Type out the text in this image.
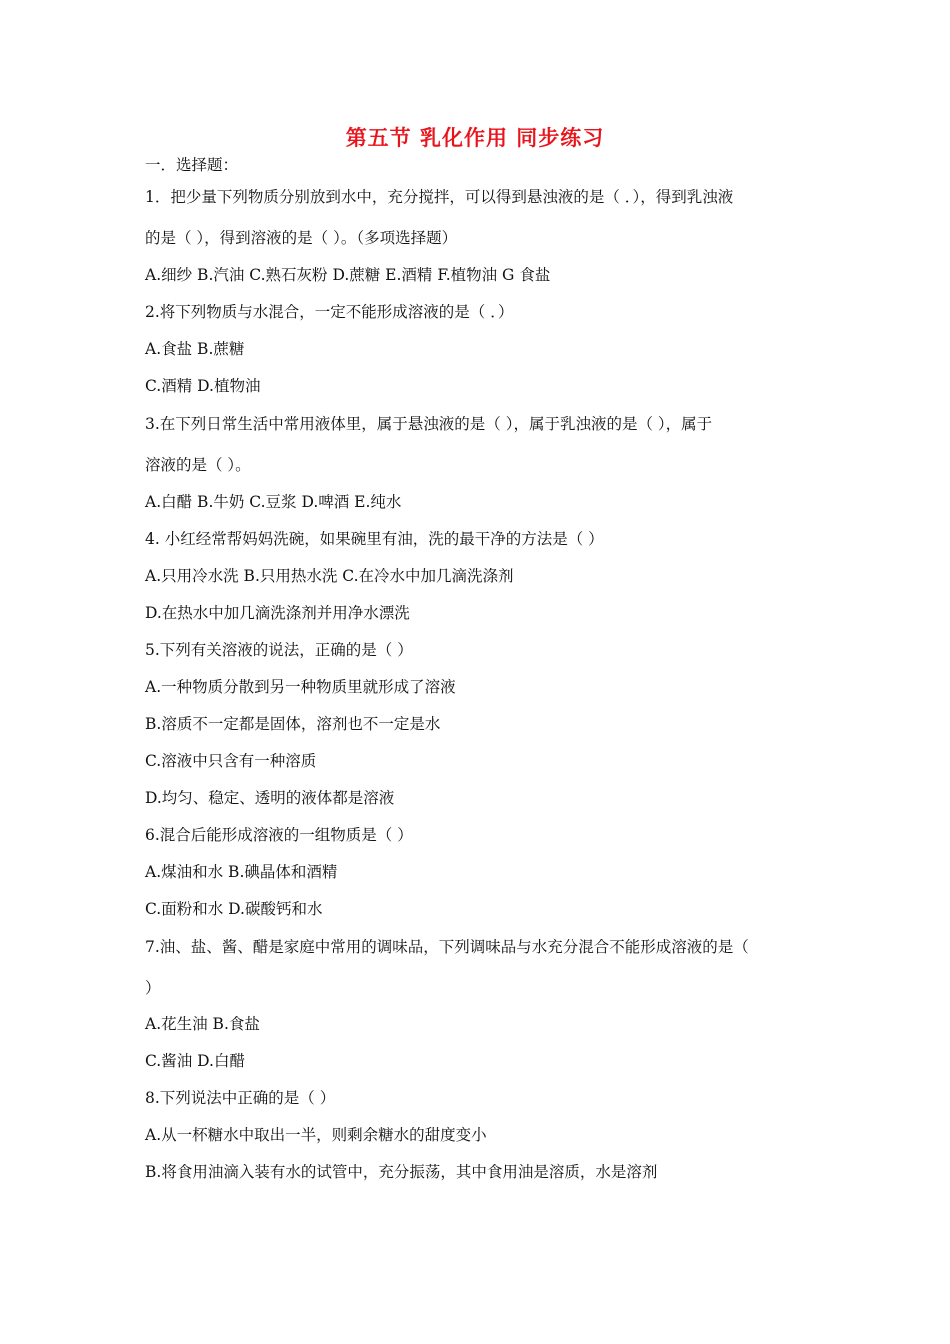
第五节 乳化作用 同步练习
一．选择题：
1．把少量下列物质分别放到水中，充分搅拌，可以得到悬浊液的是（ ．），得到乳浊液
的是（ ），得到溶液的是（ ）。（多项选择题）
A.细纱 B.汽油 C.熟石灰粉 D.蔗糖 E.酒精 F.植物油 G 食盐
2.将下列物质与水混合，一定不能形成溶液的是（ ．）
A.食盐 B.蔗糖
C.酒精 D.植物油
3.在下列日常生活中常用液体里，属于悬浊液的是（ ），属于乳浊液的是（ ），属于
溶液的是（ ）。
A.白醋 B.牛奶 C.豆浆 D.啤酒 E.纯水
4. 小红经常帮妈妈洗碗，如果碗里有油，洗的最干净的方法是（ ）
A.只用冷水洗 B.只用热水洗 C.在冷水中加几滴洗涤剂
D.在热水中加几滴洗涤剂并用净水漂洗
5.下列有关溶液的说法，正确的是（ ）
A.一种物质分散到另一种物质里就形成了溶液
B.溶质不一定都是固体，溶剂也不一定是水
C.溶液中只含有一种溶质
D.均匀、稳定、透明的液体都是溶液
6.混合后能形成溶液的一组物质是（ ）
A.煤油和水 B.碘晶体和酒精
C.面粉和水 D.碳酸钙和水
7.油、盐、酱、醋是家庭中常用的调味品，下列调味品与水充分混合不能形成溶液的是（
）
A.花生油 B.食盐
C.酱油 D.白醋
8.下列说法中正确的是（ ）
A.从一杯糖水中取出一半，则剩余糖水的甜度变小
B.将食用油滴入装有水的试管中，充分振荡，其中食用油是溶质，水是溶剂
